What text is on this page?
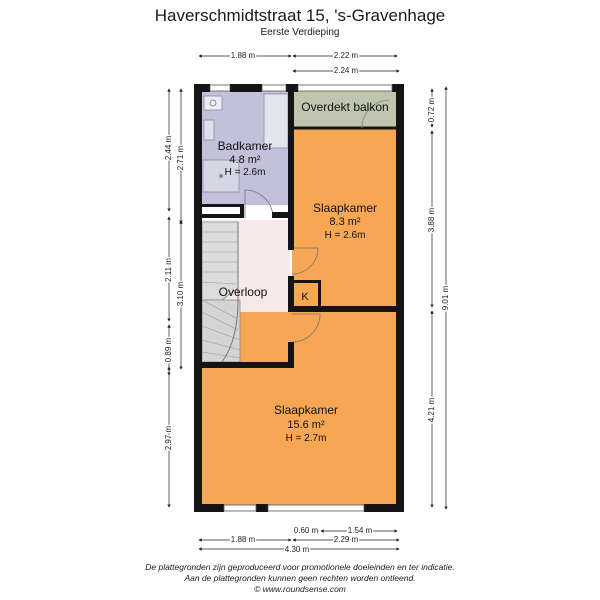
Haverschmidtstraat 15, 's-Gravenhage
Eerste Verdieping
Badkamer
4.8 m²
H = 2.6m
Overdekt balkon
Slaapkamer
8.3 m²
H = 2.6m
Overloop	K
Slaapkamer
15.6 m²
H = 2.7m
1.88 m	2.22 m
2.24 m
2.44 m 2.71 m
2.11 m
3.10 m
0.89 m
2.97 m
0.72 m
3.88 m
4.21 m
9.01 m
0.60 m	1.54 m
1.88 m	2.29 m
4.30 m
De plattegronden zijn geproduceerd voor promotionele doeleinden en ter indicatie.
Aan de plattegronden kunnen geen rechten worden ontleend.
© www.roundsense.com
